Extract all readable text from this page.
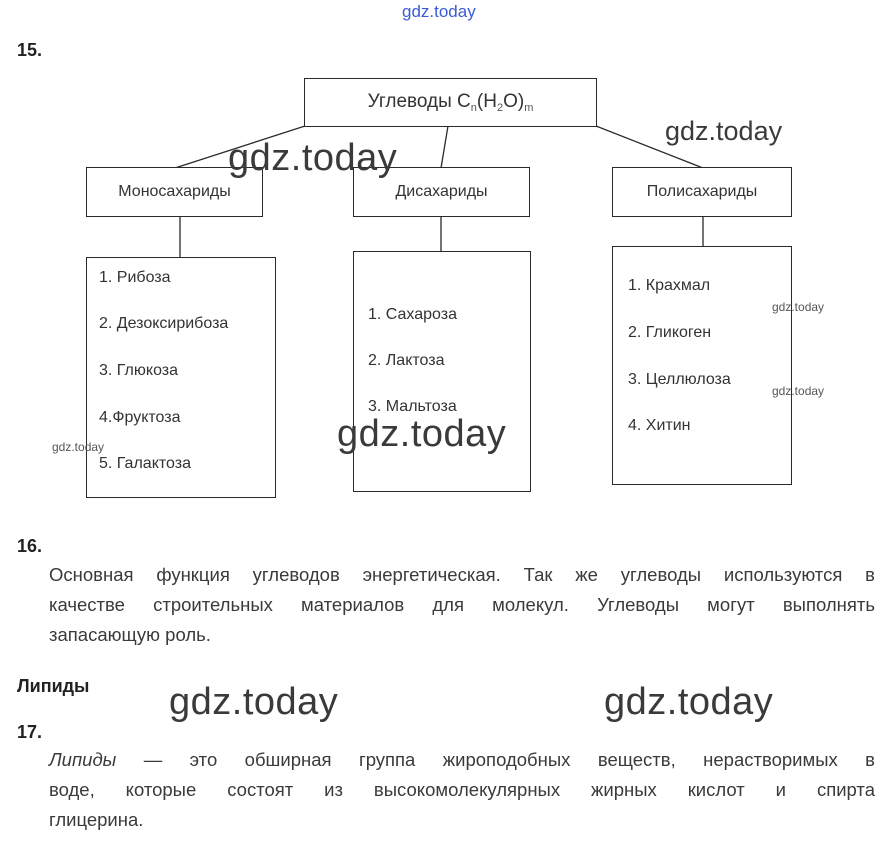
gdz.today
15.
Углеводы $C_n(H_2O)_m$
Моносахариды	Дисахариды	Полисахариды
1. Рибоза
2. Дезоксирибоза
3. Глюкоза
4.Фруктоза
5. Галактоза
1. Сахароза
2. Лактоза
3. Мальтоза
1. Крахмал
2. Гликоген
3. Целлюлоза
4. Хитин
gdz.today
gdz.today
gdz.today
gdz.today
gdz.today
gdz.today
16.
Основная функция углеводов энергетическая. Так же углеводы используются в
качестве строительных материалов для молекул. Углеводы могут выполнять
запасающую роль.
Липиды gdz.today	gdz.today
17.
Липиды — это обширная группа жироподобных веществ, нерастворимых в
воде, которые состоят из высокомолекулярных жирных кислот и спирта
глицерина.
